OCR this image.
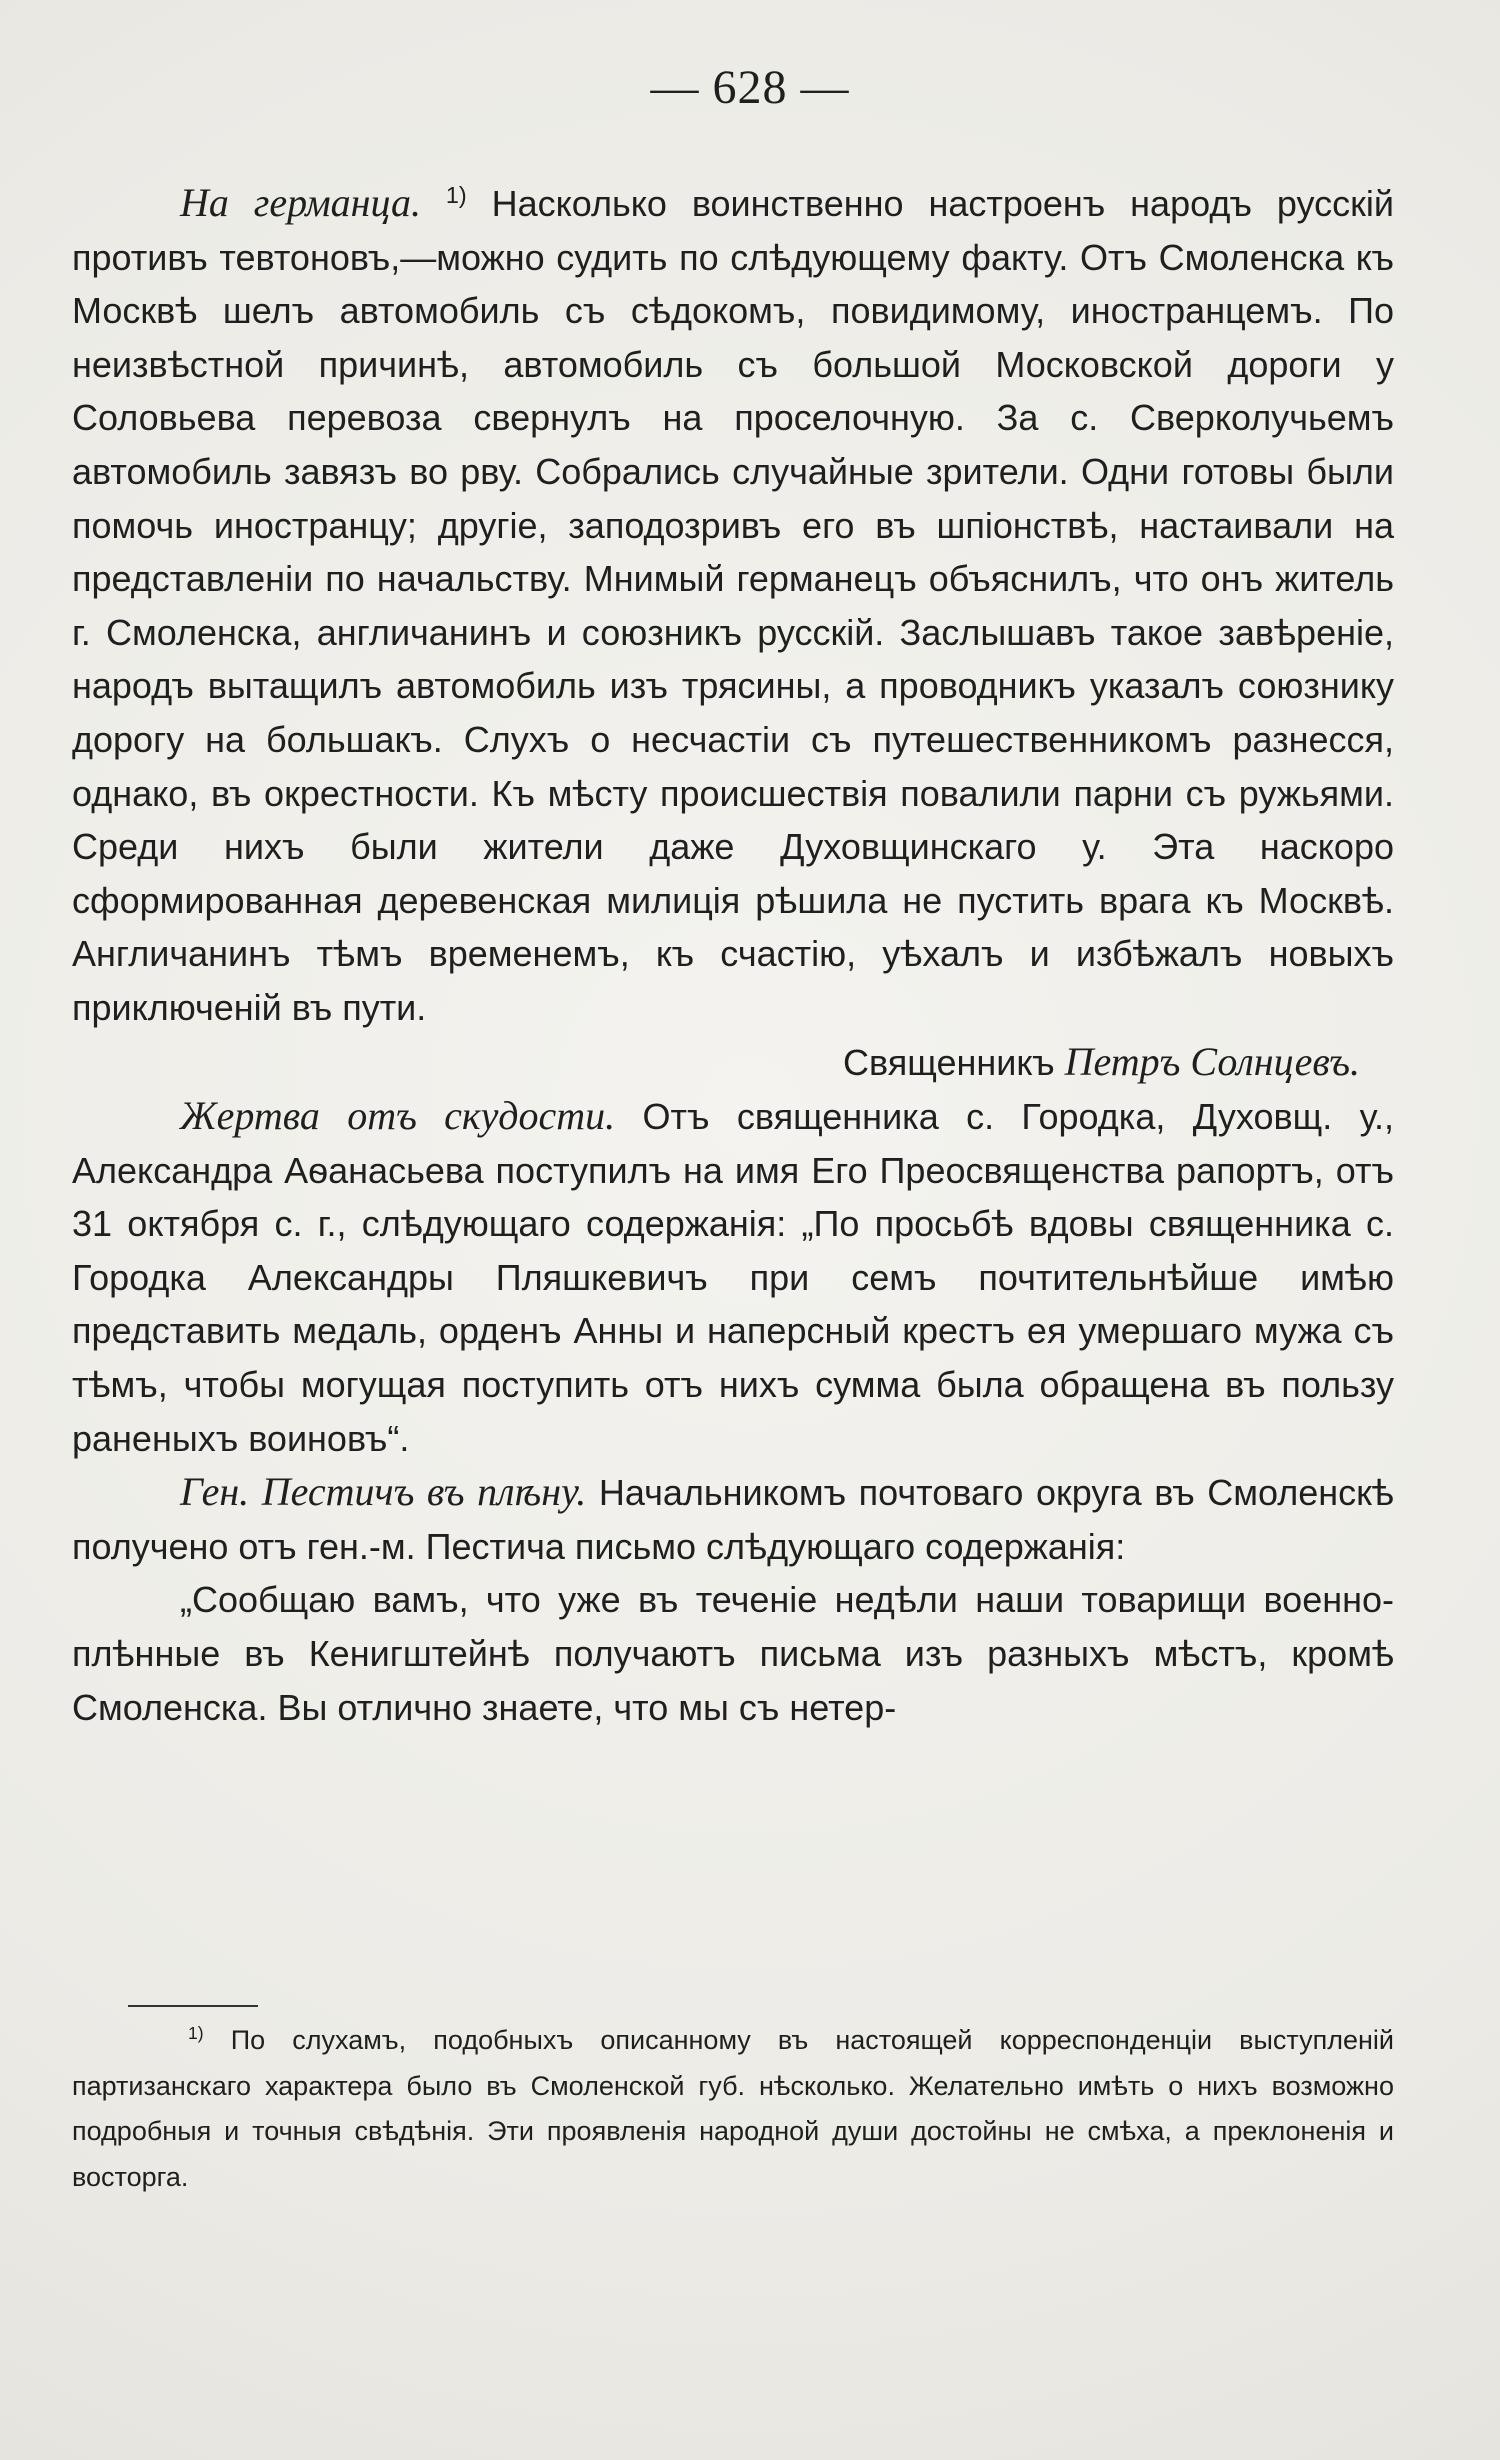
— 628 —

На германца. $^{1)}$ Насколько воинственно настроенъ народъ русскій противъ тевтоновъ,—можно судить по слѣдующему факту. Отъ Смоленска къ Москвѣ шелъ автомобиль съ сѣдокомъ, повидимому, иностранцемъ. По неизвѣстной причинѣ, автомобиль съ большой Московской дороги у Соловьева перевоза свернулъ на проселочную. За с. Сверколучьемъ автомобиль завязъ во рву. Собрались случайные зрители. Одни готовы были помочь иностранцу; другіе, заподозривъ его въ шпіонствѣ, настаивали на представленіи по начальству. Мнимый германецъ объяснилъ, что онъ житель г. Смоленска, англичанинъ и союзникъ русскій. Заслышавъ такое завѣреніе, народъ вытащилъ автомобиль изъ трясины, а проводникъ указалъ союзнику дорогу на большакъ. Слухъ о несчастіи съ путешественникомъ разнесся, однако, въ окрестности. Къ мѣсту происшествія повалили парни съ ружьями. Среди нихъ были жители даже Духовщинскаго у. Эта наскоро сформированная деревенская милиція рѣшила не пустить врага къ Москвѣ. Англичанинъ тѣмъ временемъ, къ счастію, уѣхалъ и избѣжалъ новыхъ приключеній въ пути.

Священникъ Петръ Солнцевъ.

Жертва отъ скудости. Отъ священника с. Городка, Духовщ. у., Александра Аѳанасьева поступилъ на имя Его Преосвященства рапортъ, отъ 31 октября с. г., слѣдующаго содержанія: „По просьбѣ вдовы священника с. Городка Александры Пляшкевичъ при семъ почтительнѣйше имѣю представить медаль, орденъ Анны и наперсный крестъ ея умершаго мужа съ тѣмъ, чтобы могущая поступить отъ нихъ сумма была обращена въ пользу раненыхъ воиновъ“.

Ген. Пестичъ въ плѣну. Начальникомъ почтоваго округа въ Смоленскѣ получено отъ ген.-м. Пестича письмо слѣдующаго содержанія:

„Сообщаю вамъ, что уже въ теченіе недѣли наши товарищи военно-плѣнные въ Кенигштейнѣ получаютъ письма изъ разныхъ мѣстъ, кромѣ Смоленска. Вы отлично знаете, что мы съ нетер-

$^{1)}$ По слухамъ, подобныхъ описанному въ настоящей корреспонденціи выступленій партизанскаго характера было въ Смоленской губ. нѣсколько. Желательно имѣть о нихъ возможно подробныя и точныя свѣдѣнія. Эти проявленія народной души достойны не смѣха, а преклоненія и восторга.
